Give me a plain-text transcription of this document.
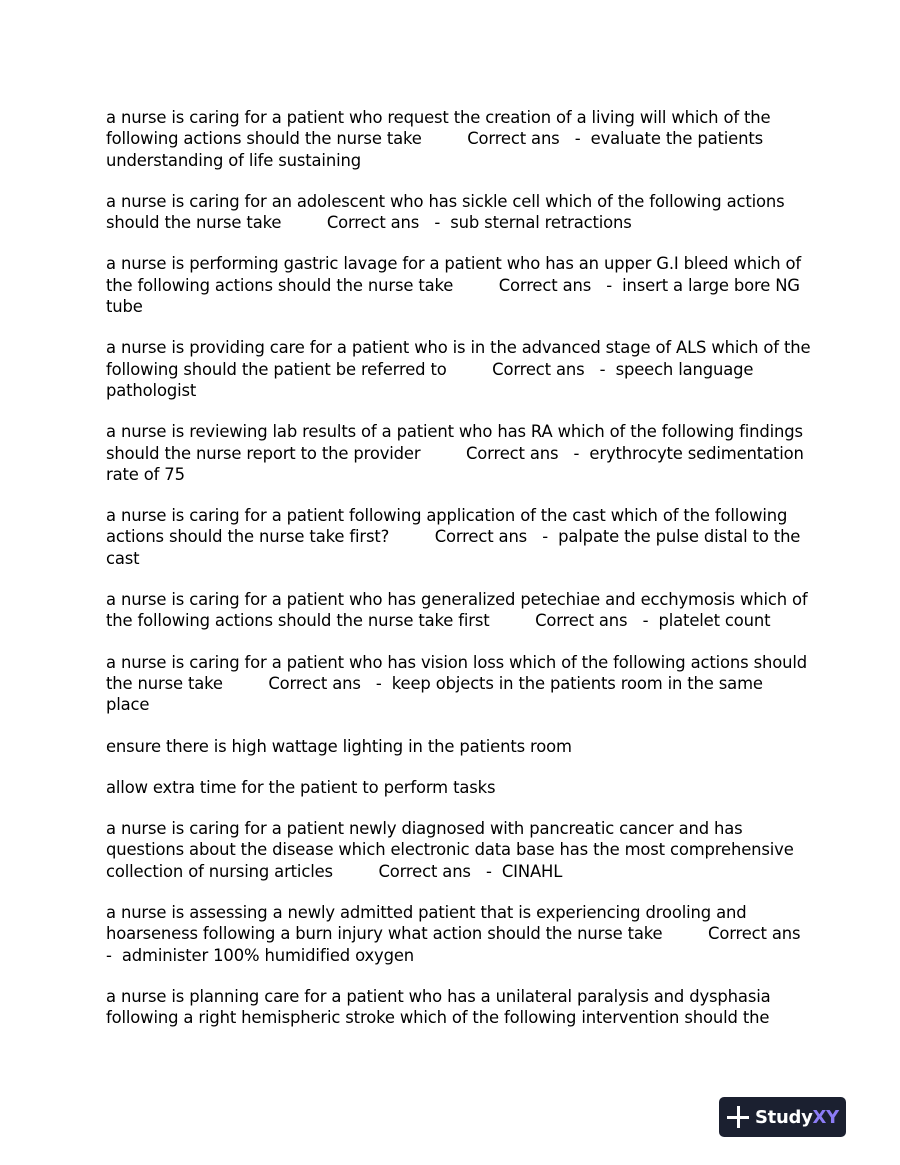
a nurse is caring for a patient who request the creation of a living will which of the
following actions should the nurse take         Correct ans   -  evaluate the patients
understanding of life sustaining
a nurse is caring for an adolescent who has sickle cell which of the following actions
should the nurse take         Correct ans   -  sub sternal retractions
a nurse is performing gastric lavage for a patient who has an upper G.I bleed which of
the following actions should the nurse take         Correct ans   -  insert a large bore NG
tube
a nurse is providing care for a patient who is in the advanced stage of ALS which of the
following should the patient be referred to         Correct ans   -  speech language
pathologist
a nurse is reviewing lab results of a patient who has RA which of the following findings
should the nurse report to the provider         Correct ans   -  erythrocyte sedimentation
rate of 75
a nurse is caring for a patient following application of the cast which of the following
actions should the nurse take first?         Correct ans   -  palpate the pulse distal to the
cast
a nurse is caring for a patient who has generalized petechiae and ecchymosis which of
the following actions should the nurse take first         Correct ans   -  platelet count
a nurse is caring for a patient who has vision loss which of the following actions should
the nurse take         Correct ans   -  keep objects in the patients room in the same
place
ensure there is high wattage lighting in the patients room
allow extra time for the patient to perform tasks
a nurse is caring for a patient newly diagnosed with pancreatic cancer and has
questions about the disease which electronic data base has the most comprehensive
collection of nursing articles         Correct ans   -  CINAHL
a nurse is assessing a newly admitted patient that is experiencing drooling and
hoarseness following a burn injury what action should the nurse take         Correct ans
-  administer 100% humidified oxygen
a nurse is planning care for a patient who has a unilateral paralysis and dysphasia
following a right hemispheric stroke which of the following intervention should the
StudyXY
